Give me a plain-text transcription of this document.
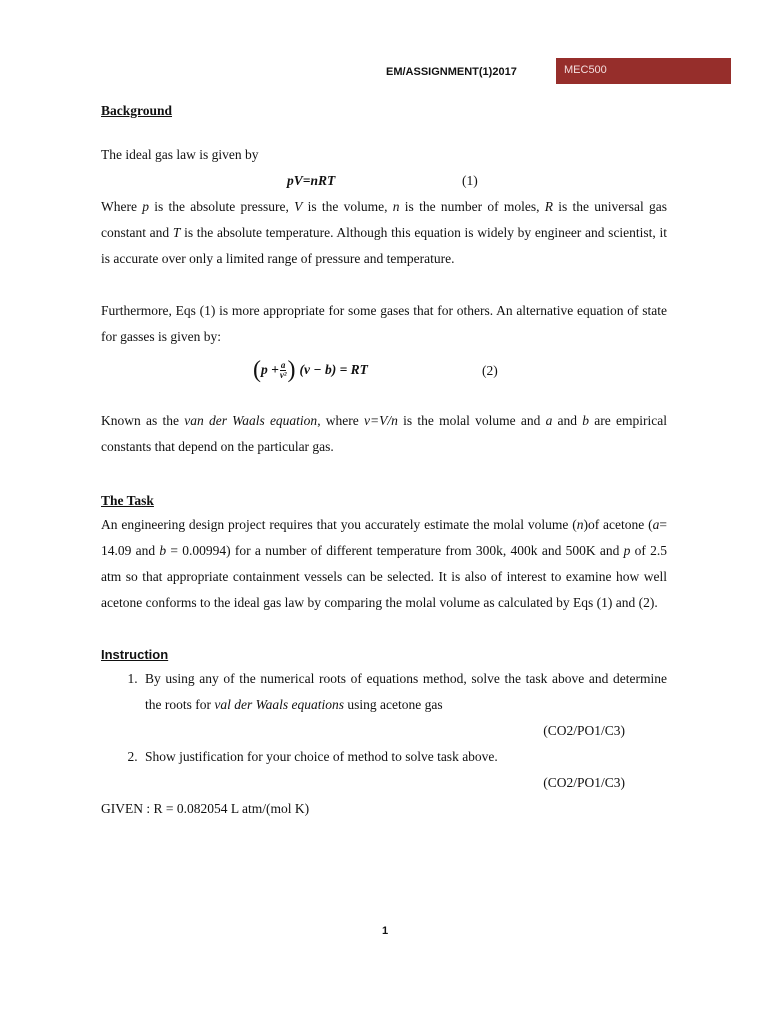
EM/ASSIGNMENT(1)2017	MEC500
Background

The ideal gas law is given by

pV=nRT	(1)

Where p is the absolute pressure, V is the volume, n is the number of moles, R is the universal gas constant and T is the absolute temperature. Although this equation is widely by engineer and scientist, it is accurate over only a limited range of pressure and temperature.

Furthermore, Eqs (1) is more appropriate for some gases that for others. An alternative equation of state for gasses is given by:

( $p + \frac{a}{\text{v²}}$ ) (v − b) = RT	(2)

Known as the van der Waals equation, where v=V/n is the molal volume and a and b are empirical constants that depend on the particular gas.

The Task

An engineering design project requires that you accurately estimate the molal volume (n)of acetone (a= 14.09 and b = 0.00994) for a number of different temperature from 300k, 400k and 500K and p of 2.5 atm so that appropriate containment vessels can be selected. It is also of interest to examine how well acetone conforms to the ideal gas law by comparing the molal volume as calculated by Eqs (1) and (2).

Instruction
1. By using any of the numerical roots of equations method, solve the task above and determine the roots for val der Waals equations using acetone gas
(CO2/PO1/C3)
2. Show justification for your choice of method to solve task above.
(CO2/PO1/C3)

GIVEN : R = 0.082054 L atm/(mol K)

1
